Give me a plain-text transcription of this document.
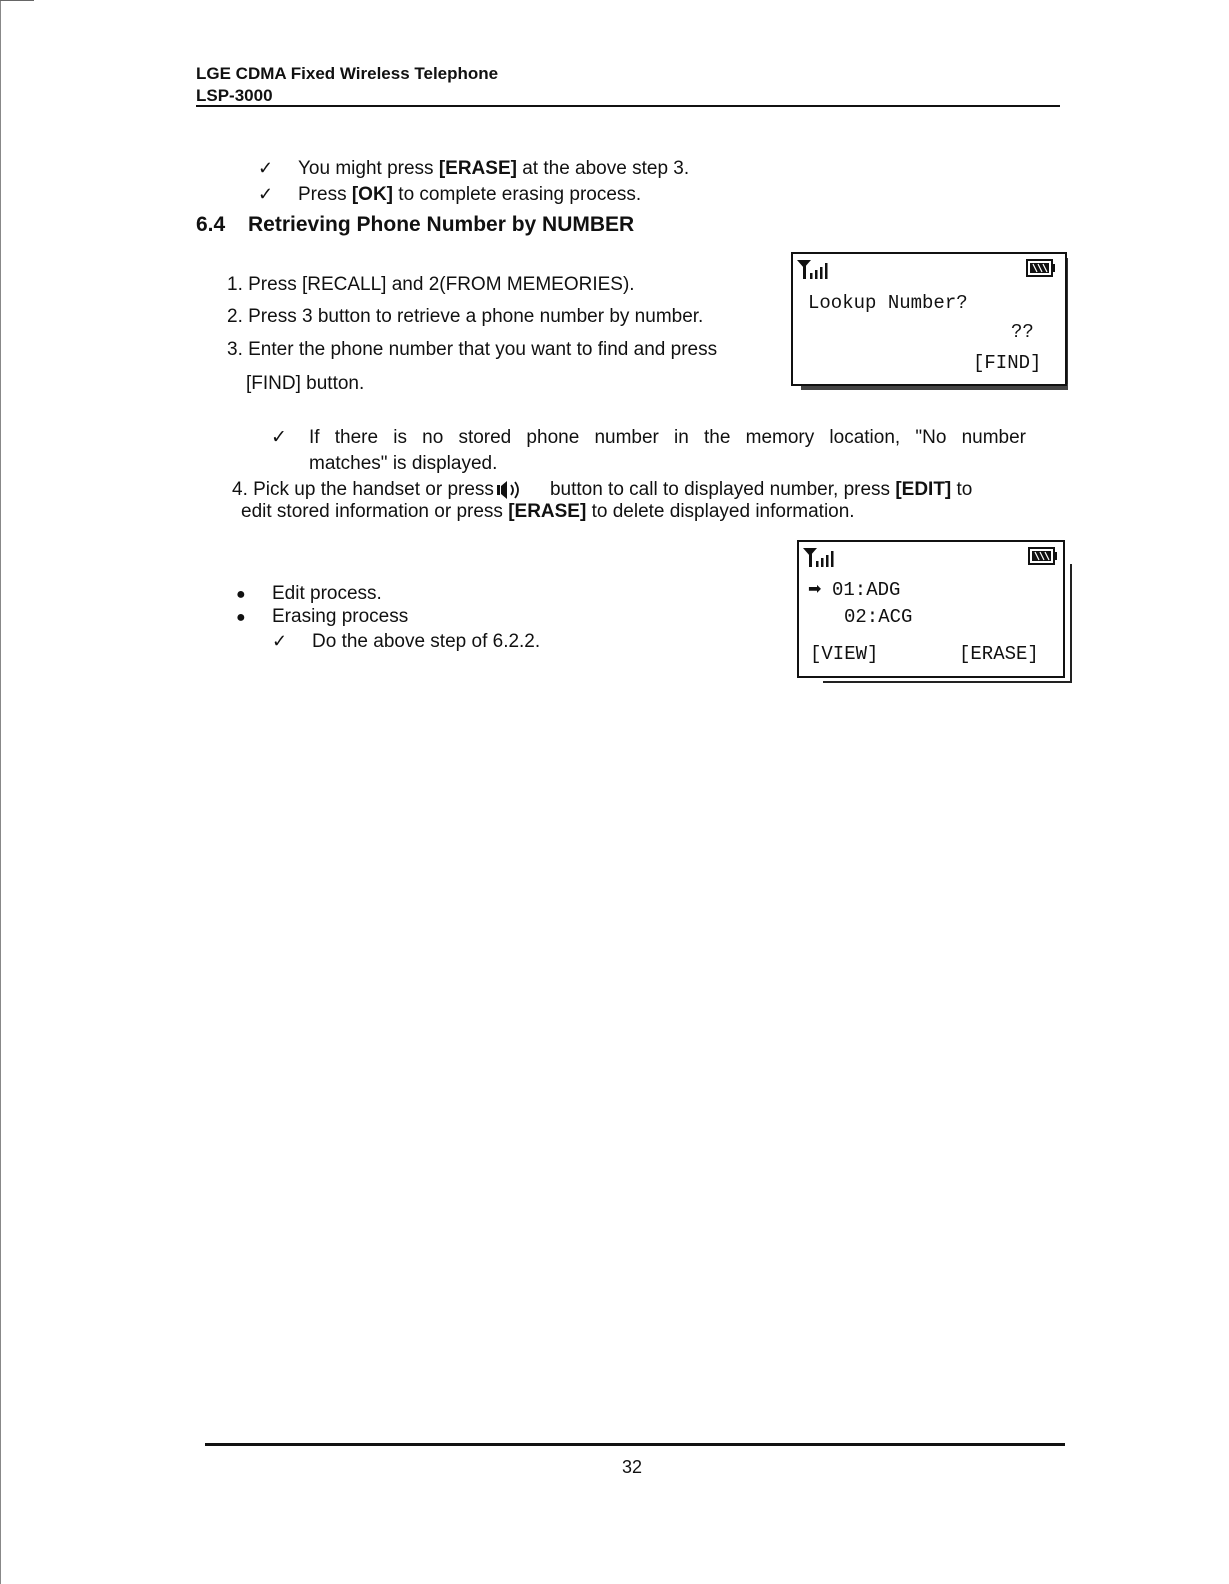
LGE CDMA Fixed Wireless Telephone
LSP-3000
✓ You might press [ERASE] at the above step 3.
✓ Press [OK] to complete erasing process.
6.4 Retrieving Phone Number by NUMBER
1. Press [RECALL] and 2(FROM MEMEORIES).
2. Press 3 button to retrieve a phone number by number.
3. Enter the phone number that you want to find and press
[FIND] button.
Lookup Number?
??
[FIND]
✓ If there is no stored phone number in the memory location, "No number
matches" is displayed.
4. Pick up the handset or press	button to call to displayed number, press [EDIT] to
edit stored information or press [ERASE] to delete displayed information.
● Edit process.
● Erasing process
✓ Do the above step of 6.2.2.
➡ 01:ADG
02:ACG
[VIEW]	[ERASE]
32
